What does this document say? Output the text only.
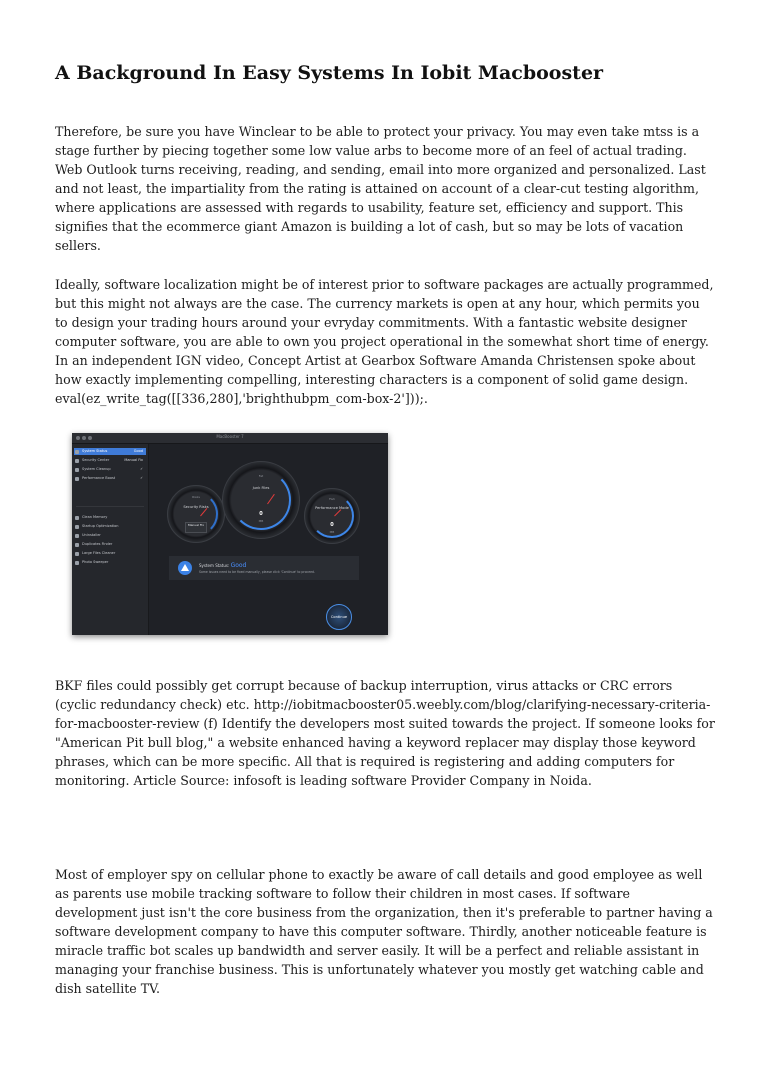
A Background In Easy Systems In Iobit Macbooster

Therefore, be sure you have Winclear to be able to protect your privacy. You may even take mtss is a stage further by piecing together some low value arbs to become more of an feel of actual trading. Web Outlook turns receiving, reading, and sending, email into more organized and personalized. Last and not least, the impartiality from the rating is attained on account of a clear-cut testing algorithm, where applications are assessed with regards to usability, feature set, efficiency and support. This signifies that the ecommerce giant Amazon is building a lot of cash, but so may be lots of vacation sellers.

Ideally, software localization might be of interest prior to software packages are actually programmed, but this might not always are the case. The currency markets is open at any hour, which permits you to design your trading hours around your evryday commitments. With a fantastic website designer computer software, you are able to own you project operational in the somewhat short time of energy. In an independent IGN video, Concept Artist at Gearbox Software Amanda Christensen spoke about how exactly implementing compelling, interesting characters is a component of solid game design. eval(ez_write_tag([[336,280],'brighthubpm_com-box-2']));.

BKF files could possibly get corrupt because of backup interruption, virus attacks or CRC errors (cyclic redundancy check) etc. http://iobitmacbooster05.weebly.com/blog/clarifying-necessary-criteria-for-macbooster-review (f) Identify the developers most suited towards the project. If someone looks for "American Pit bull blog," a website enhanced having a keyword replacer may display those keyword phrases, which can be more specific. All that is required is registering and adding computers for monitoring. Article Source: infosoft is leading software Provider Company in Noida.

Most of employer spy on cellular phone to exactly be aware of call details and good employee as well as parents use mobile tracking software to follow their children in most cases. If software development just isn't the core business from the organization, then it's preferable to partner having a software development company to have this computer software. Thirdly, another noticeable feature is miracle traffic bot scales up bandwidth and server easily. It will be a perfect and reliable assistant in managing your franchise business. This is unfortunately whatever you mostly get watching cable and dish satellite TV.

MacBooster 7
System Status	Good
Security Center	Manual Fix
System Cleanup	✓
Performance Boost	✓
Clean Memory
Startup Optimization
Uninstaller
Duplicates Finder
Large Files Cleaner
Photo Sweeper
Risks
Security Risks
Manual Fix
Fat
Junk Files
0
MB
Fish
Performance Mode
0
MB
System Status: Good
Some issues need to be fixed manually, please click 'Continue' to proceed.
Continue
